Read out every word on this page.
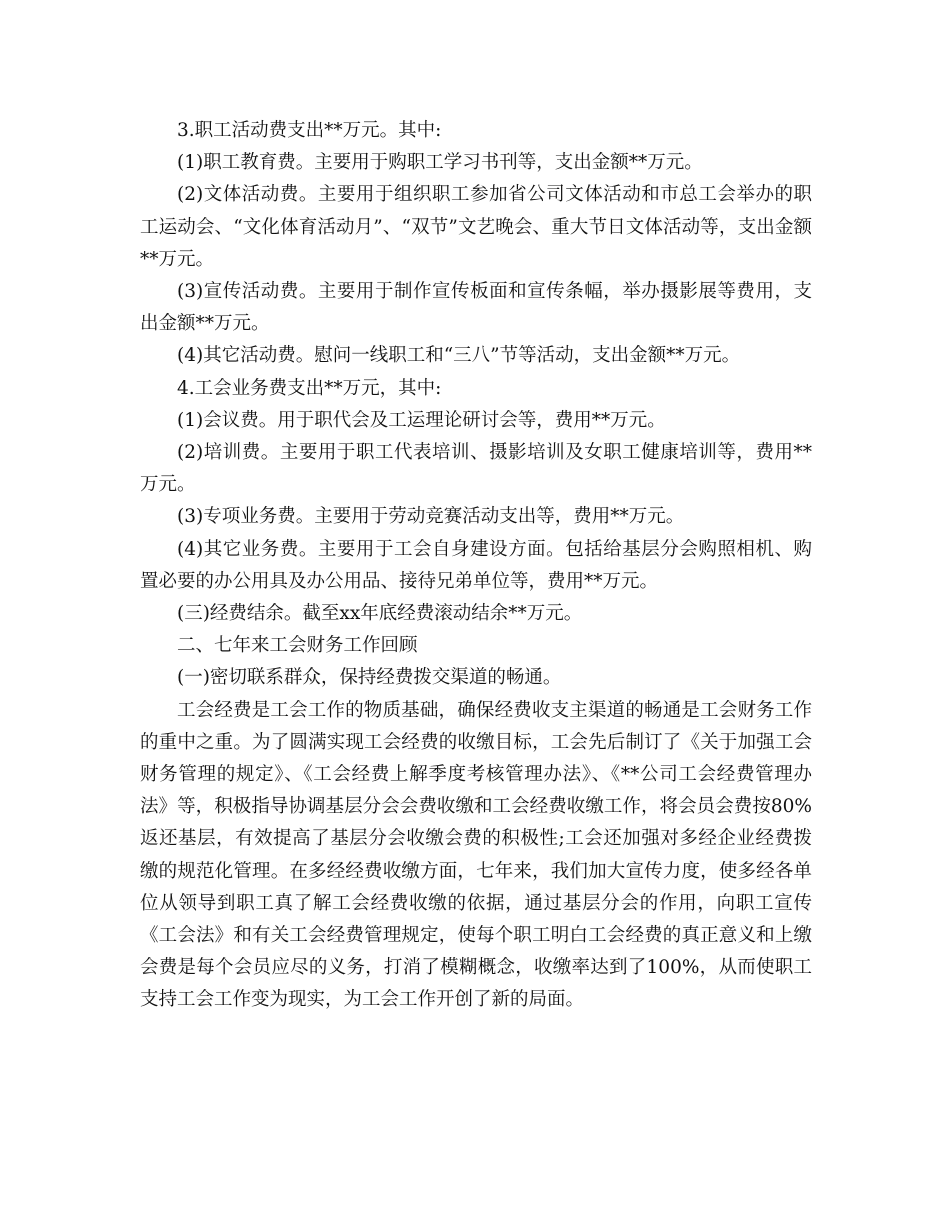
3.职工活动费支出**万元。其中:

(1)职工教育费。主要用于购职工学习书刊等，支出金额**万元。

(2)文体活动费。主要用于组织职工参加省公司文体活动和市总工会举办的职工运动会、“文化体育活动月”、“双节”文艺晚会、重大节日文体活动等，支出金额**万元。

(3)宣传活动费。主要用于制作宣传板面和宣传条幅，举办摄影展等费用，支出金额**万元。

(4)其它活动费。慰问一线职工和“三八”节等活动，支出金额**万元。

4.工会业务费支出**万元，其中:

(1)会议费。用于职代会及工运理论研讨会等，费用**万元。

(2)培训费。主要用于职工代表培训、摄影培训及女职工健康培训等，费用**万元。

(3)专项业务费。主要用于劳动竞赛活动支出等，费用**万元。

(4)其它业务费。主要用于工会自身建设方面。包括给基层分会购照相机、购置必要的办公用具及办公用品、接待兄弟单位等，费用**万元。

(三)经费结余。截至xx年底经费滚动结余**万元。

二、七年来工会财务工作回顾

(一)密切联系群众，保持经费拨交渠道的畅通。

工会经费是工会工作的物质基础，确保经费收支主渠道的畅通是工会财务工作的重中之重。为了圆满实现工会经费的收缴目标，工会先后制订了《关于加强工会财务管理的规定》、《工会经费上解季度考核管理办法》、《**公司工会经费管理办法》等，积极指导协调基层分会会费收缴和工会经费收缴工作，将会员会费按80%返还基层，有效提高了基层分会收缴会费的积极性;工会还加强对多经企业经费拨缴的规范化管理。在多经经费收缴方面，七年来，我们加大宣传力度，使多经各单位从领导到职工真了解工会经费收缴的依据，通过基层分会的作用，向职工宣传《工会法》和有关工会经费管理规定，使每个职工明白工会经费的真正意义和上缴会费是每个会员应尽的义务，打消了模糊概念，收缴率达到了100%，从而使职工支持工会工作变为现实，为工会工作开创了新的局面。
